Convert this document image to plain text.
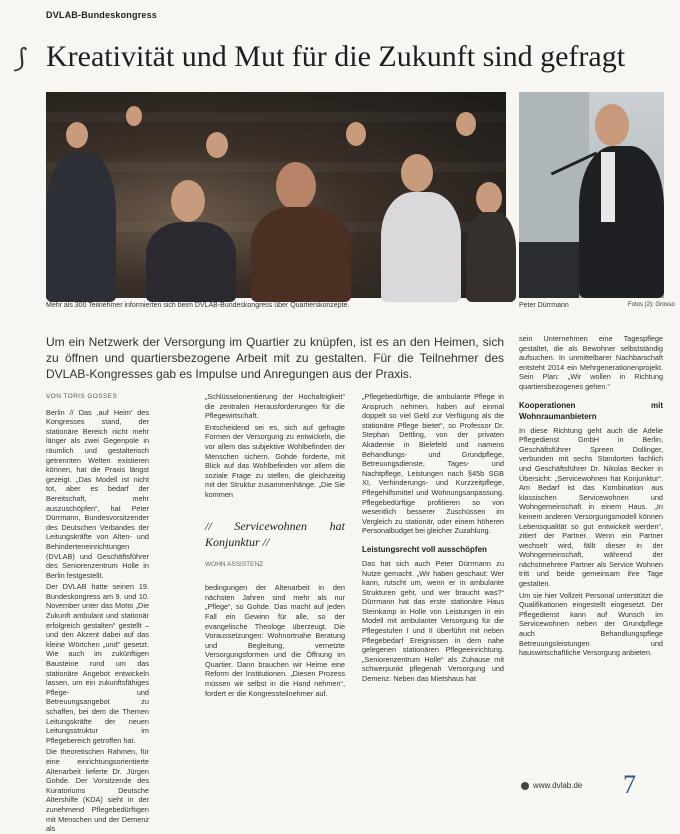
DVLAB-Bundeskongress
⟆ Kreativität und Mut für die Zukunft sind gefragt
Mehr als 300 Teilnehmer informierten sich beim DVLAB-Bundeskongress über Quartierskonzepte.	Peter Dürrmann	Fotos (2): Grosso
Um ein Netzwerk der Versorgung im Quartier zu knüpfen, ist es an den Heimen, sich zu öffnen und quartiersbezogene Arbeit mit zu gestalten. Für die Teilnehmer des DVLAB-Kongresses gab es Impulse und Anregungen aus der Praxis.
VON TORIS GOSSES

Berlin // Das ,auf Heim' des Kongresses stand, der stationäre Bereich nicht mehr länger als zwei Gegenpole in räumlich und gestalterisch getrennten Welten existieren können, hat die Praxis längst gezeigt. „Das Modell ist nicht tot, aber es bedarf der Bereitschaft, mehr auszuschöpfen“, hat Peter Dürrmann, Bundesvorsitzender des Deutschen Verbandes der Leitungskräfte von Alten- und Behinderteneinrichtungen (DVLAB) und Geschäftsführer des Seniorenzentrum Holle in Berlin festgestellt.

Der DVLAB hatte seinen 19. Bundeskongress am 9. und 10. November unter das Motto „Die Zukunft ambulant und stationär erfolgreich gestalten“ gestellt – und den Akzent dabei auf das kleine Wörtchen „und“ gesetzt. Wie auch im zukünftigen Bausteine rund um das stationäre Angebot entwickeln lassen, um ein zukunftsfähiges Pflege- und Betreuungsangebot zu schaffen, bei dem die Themen Leitungskräfte der neuen Leitungsstruktur im Pflegebereich getroffen hat.

Die theoretischen Rahmen, für eine einrichtungsorientierte Altenarbeit lieferte Dr. Jürgen Gohde. Der Vorsitzende des Kuratoriums Deutsche Altershilfe (KDA) sieht in der zunehmend Pflegebedürftigen mit Menschen und der Demenz als

„Schlüsselorientierung der Hochaltrigkeit“ die zentralen Herausforderungen für die Pflegewirtschaft.

Entscheidend sei es, sich auf gefragte Formen der Versorgung zu entwickeln, die vor allem das subjektive Wohlbefinden der Menschen sichern. Gohde forderte, mit Blick auf das Wohlbefinden vor allem die soziale Frage zu stellen, die gleichzeitig mit der Struktur zusammenhänge. „Die Sie kommen

// Servicewohnen hat Konjunktur //
WOHN ASSISTENZ

bedingungen der Altenarbeit in den nächsten Jahren sind mehr als nur „Pflege“, so Gohde. Das macht auf jeden Fall ein Gewinn für alle, so der evangelische Theologe überzeugt. Die Voraussetzungen: Wohnortnahe Beratung und Begleitung, vernetzte Versorgungsformen und die Öffnung im Quartier. Dann brauchen wir Heime eine Reform der Institutionen. „Diesen Prozess müssen wir selbst in die Hand nehmen“, fordert er die Kongressteilnehmer auf.

„Pflegebedürftige, die ambulante Pflege in Anspruch nehmen, haben auf einmal doppelt so viel Geld zur Verfügung als die stationäre Pflege bietet“, so Professor Dr. Stephan Dettling, von der privaten Akademie in Bielefeld und namens Behandlungs- und Grundpflege, Betreuungsdienste, Tages- und Nachtpflege, Leistungen nach §45b SGB XI, Verhinderungs- und Kurzzeitpflege, Pflegehilfsmittel und Wohnungsanpassung. Pflegebedürftige profitieren so von wesentlich besserer Zuschüssen im Vergleich zu stationär, oder einem höheren Personalbudget bei gleicher Zuzahlung.

Leistungsrecht voll ausschöpfen

Das hat sich auch Peter Dürrmann zu Nutze gemacht. „Wir haben geschaut: Wer kann, rutscht um, wenn er in ambulante Strukturen geht, und wer braucht was?“ Dürrmann hat das erste stationäre Haus Steinkamp in Holle von Leistungen in ein Modell mit ambulanter Versorgung für die Pflegestufen I und II überführt mit neben Pflegebedarf Ereignissen in dem nahe gelegenen stationären Pflegeeinrichtung. „Seniorenzentrum Holle“ als Zuhause mit schwerpunkt pflegenah Versorgung und Demenz. Neben das Mietshaus hat

sein Unternehmen eine Tagespflege gestaltet, die als Bewohner selbstständig aufsuchen. In unmittelbarer Nachbarschaft entsteht 2014 ein Mehrgenerationenprojekt. Sein Plan: „Wir wollen in Richtung quartiersbezogenes gehen.“

Kooperationen mit Wohnraumanbietern

In diese Richtung geht auch die Adelie Pflegedienst GmbH in Berlin, Geschäftsführer Spreen Dollinger, verbunden mit sechs Standorten fachlich und Geschäftsführer Dr. Nikolas Becker in Übersicht: „Servicewohnen hat Konjunktur“. Am Bedarf ist das Kombination aus klassischen Servicewohnen und Wohngemeinschaft in einem Haus. „In keinem anderen Versorgungsmodell können Lebensqualität so gut entwickelt werden“, zitiert der Partner. Wenn ein Partner wechselt wird, fällt dieser in der Wohngemeinschaft, während der nächstmehrere Partner als Service Wohnen tritt und beide gemeinsam ihre Tage gestalten.

Um sie hier Vollzeit Personal unterstützt die Qualifikationen eingestellt eingesetzt. Der Pflegedienst kann auf Wunsch im Servicewohnen neben der Grundpflege auch Behandlungspflege Betreuungsleistungen und hauswirtschaftliche Versorgung anbieten.

www.dvlab.de 7
